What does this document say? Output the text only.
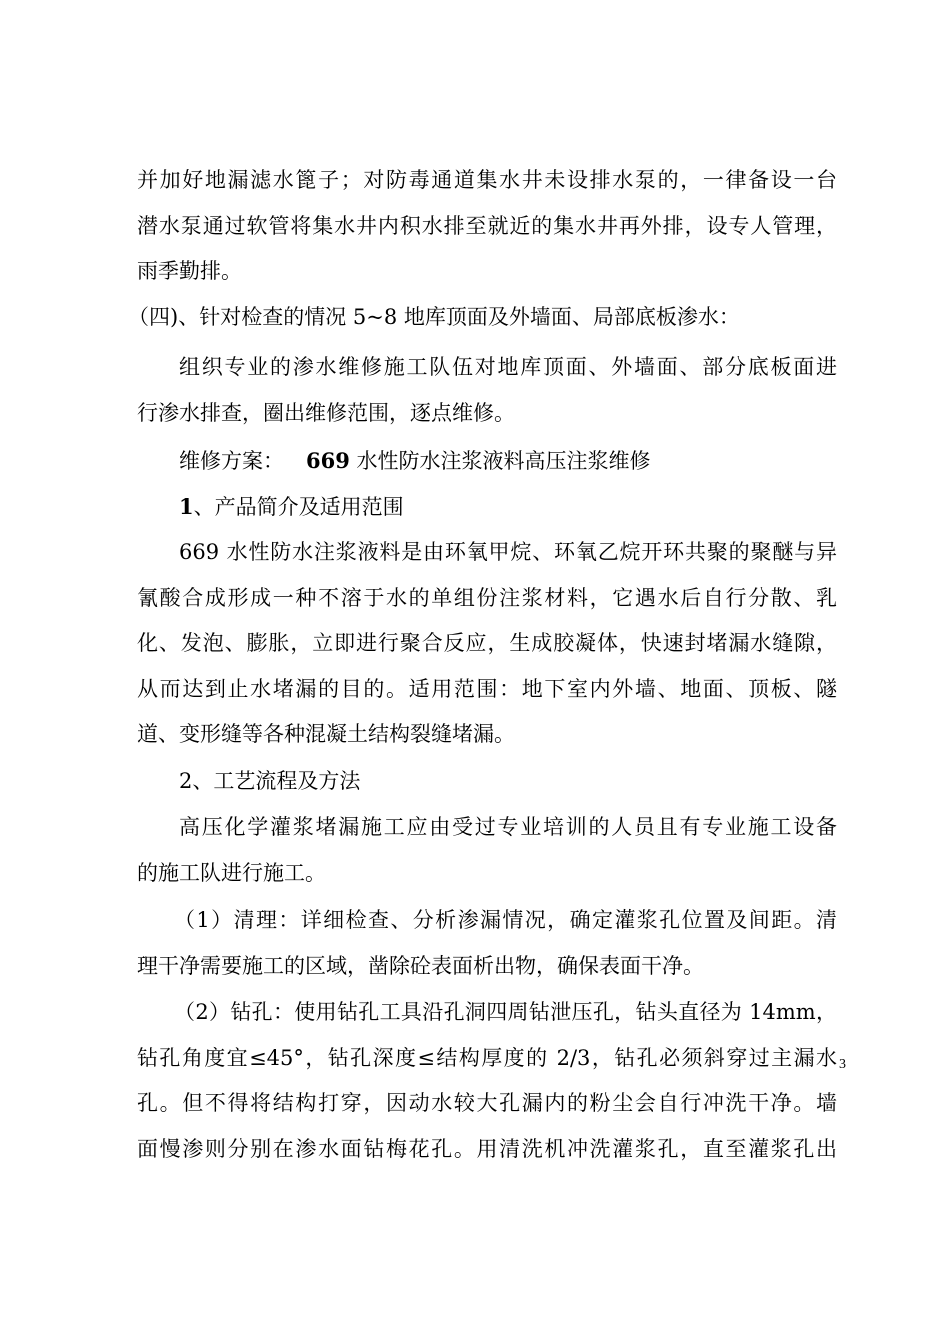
并加好地漏滤水篦子；对防毒通道集水井未设排水泵的，一律备设一台
潜水泵通过软管将集水井内积水排至就近的集水井再外排，设专人管理，
雨季勤排。
（四)、针对检查的情况 5~8 地库顶面及外墙面、局部底板渗水：
组织专业的渗水维修施工队伍对地库顶面、外墙面、部分底板面进
行渗水排查，圈出维修范围，逐点维修。
维修方案： 669 水性防水注浆液料高压注浆维修
1、产品简介及适用范围
669 水性防水注浆液料是由环氧甲烷、环氧乙烷开环共聚的聚醚与异
氰酸合成形成一种不溶于水的单组份注浆材料，它遇水后自行分散、乳
化、发泡、膨胀，立即进行聚合反应，生成胶凝体，快速封堵漏水缝隙，
从而达到止水堵漏的目的。适用范围：地下室内外墙、地面、顶板、隧
道、变形缝等各种混凝土结构裂缝堵漏。
2、工艺流程及方法
高压化学灌浆堵漏施工应由受过专业培训的人员且有专业施工设备
的施工队进行施工。
（1）清理：详细检查、分析渗漏情况，确定灌浆孔位置及间距。清
理干净需要施工的区域，凿除砼表面析出物，确保表面干净。
（2）钻孔：使用钻孔工具沿孔洞四周钻泄压孔，钻头直径为 14mm，
钻孔角度宜≤45°，钻孔深度≤结构厚度的 2/3，钻孔必须斜穿过主漏水
孔。但不得将结构打穿，因动水较大孔漏内的粉尘会自行冲洗干净。墙
面慢渗则分别在渗水面钻梅花孔。用清洗机冲洗灌浆孔，直至灌浆孔出
3
